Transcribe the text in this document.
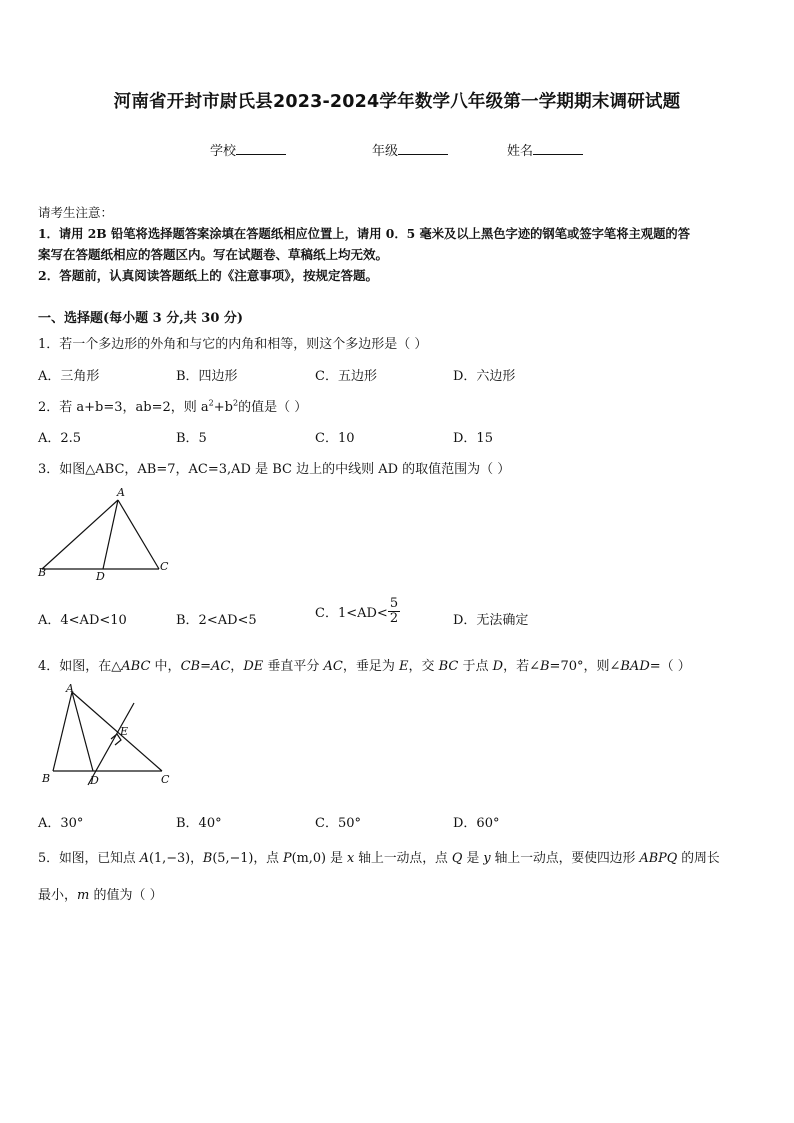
河南省开封市尉氏县2023-2024学年数学八年级第一学期期末调研试题
学校	年级	姓名
请考生注意：
1．请用 2B 铅笔将选择题答案涂填在答题纸相应位置上，请用 0．5 毫米及以上黑色字迹的钢笔或签字笔将主观题的答
案写在答题纸相应的答题区内。写在试题卷、草稿纸上均无效。
2．答题前，认真阅读答题纸上的《注意事项》，按规定答题。
一、选择题(每小题 3 分,共 30 分)
1．若一个多边形的外角和与它的内角和相等，则这个多边形是（ ）
A．三角形	B．四边形	C．五边形	D．六边形
2．若 a+b=3，ab=2，则 $a^2+b^2$的值是（ ）
A．2.5	B．5	C．10	D．15
3．如图△ABC，AB=7，AC=3,AD 是 BC 边上的中线则 AD 的取值范围为（ ）
A
B	D
C
A．4<AD<10	B．2<AD<5	C．$1<AD< \frac{5}{2}$	D．无法确定
4．如图，在△ABC 中，CB=AC，DE 垂直平分 AC，垂足为 E，交 BC 于点 D，若∠B=70°，则∠BAD=（ ）
A
B	D
E
C
A．30°	B．40°	C．50°	D．60°
5．如图，已知点 A(1,−3)，B(5,−1)，点 P(m,0) 是 x 轴上一动点，点 Q 是 y 轴上一动点，要使四边形 ABPQ 的周长
最小，m 的值为（ ）
